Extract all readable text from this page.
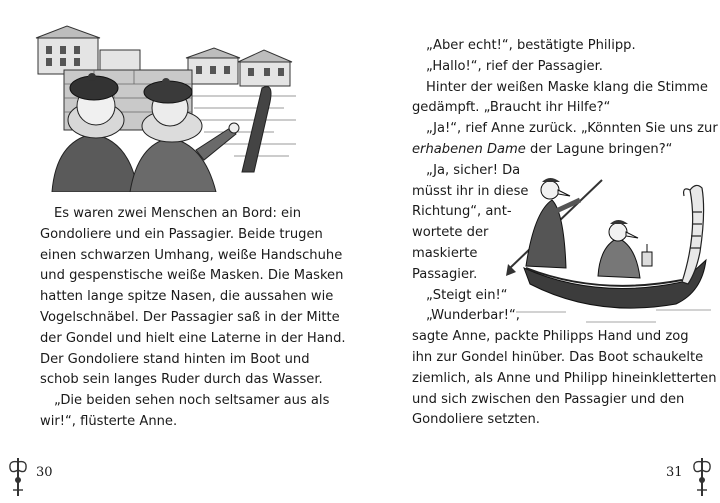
Es waren zwei Menschen an Bord: ein
Gondoliere und ein Passagier. Beide trugen
einen schwarzen Umhang, weiße Handschuhe
und gespenstische weiße Masken. Die Masken
hatten lange spitze Nasen, die aussahen wie
Vogelschnäbel. Der Passagier saß in der Mitte
der Gondel und hielt eine Laterne in der Hand.
Der Gondoliere stand hinten im Boot und
schob sein langes Ruder durch das Wasser.
„Die beiden sehen noch seltsamer aus als
wir!“, flüsterte Anne.
30
„Aber echt!“, bestätigte Philipp.
„Hallo!“, rief der Passagier.
Hinter der weißen Maske klang die Stimme
gedämpft. „Braucht ihr Hilfe?“
„Ja!“, rief Anne zurück. „Könnten Sie uns zur
erhabenen Dame der Lagune bringen?“
„Ja, sicher! Da
müsst ihr in diese
Richtung“, ant-
wortete der
maskierte
Passagier.
„Steigt ein!“
„Wunderbar!“,
sagte Anne, packte Philipps Hand und zog
ihn zur Gondel hinüber. Das Boot schaukelte
ziemlich, als Anne und Philipp hineinkletterten
und sich zwischen den Passagier und den
Gondoliere setzten.
31
